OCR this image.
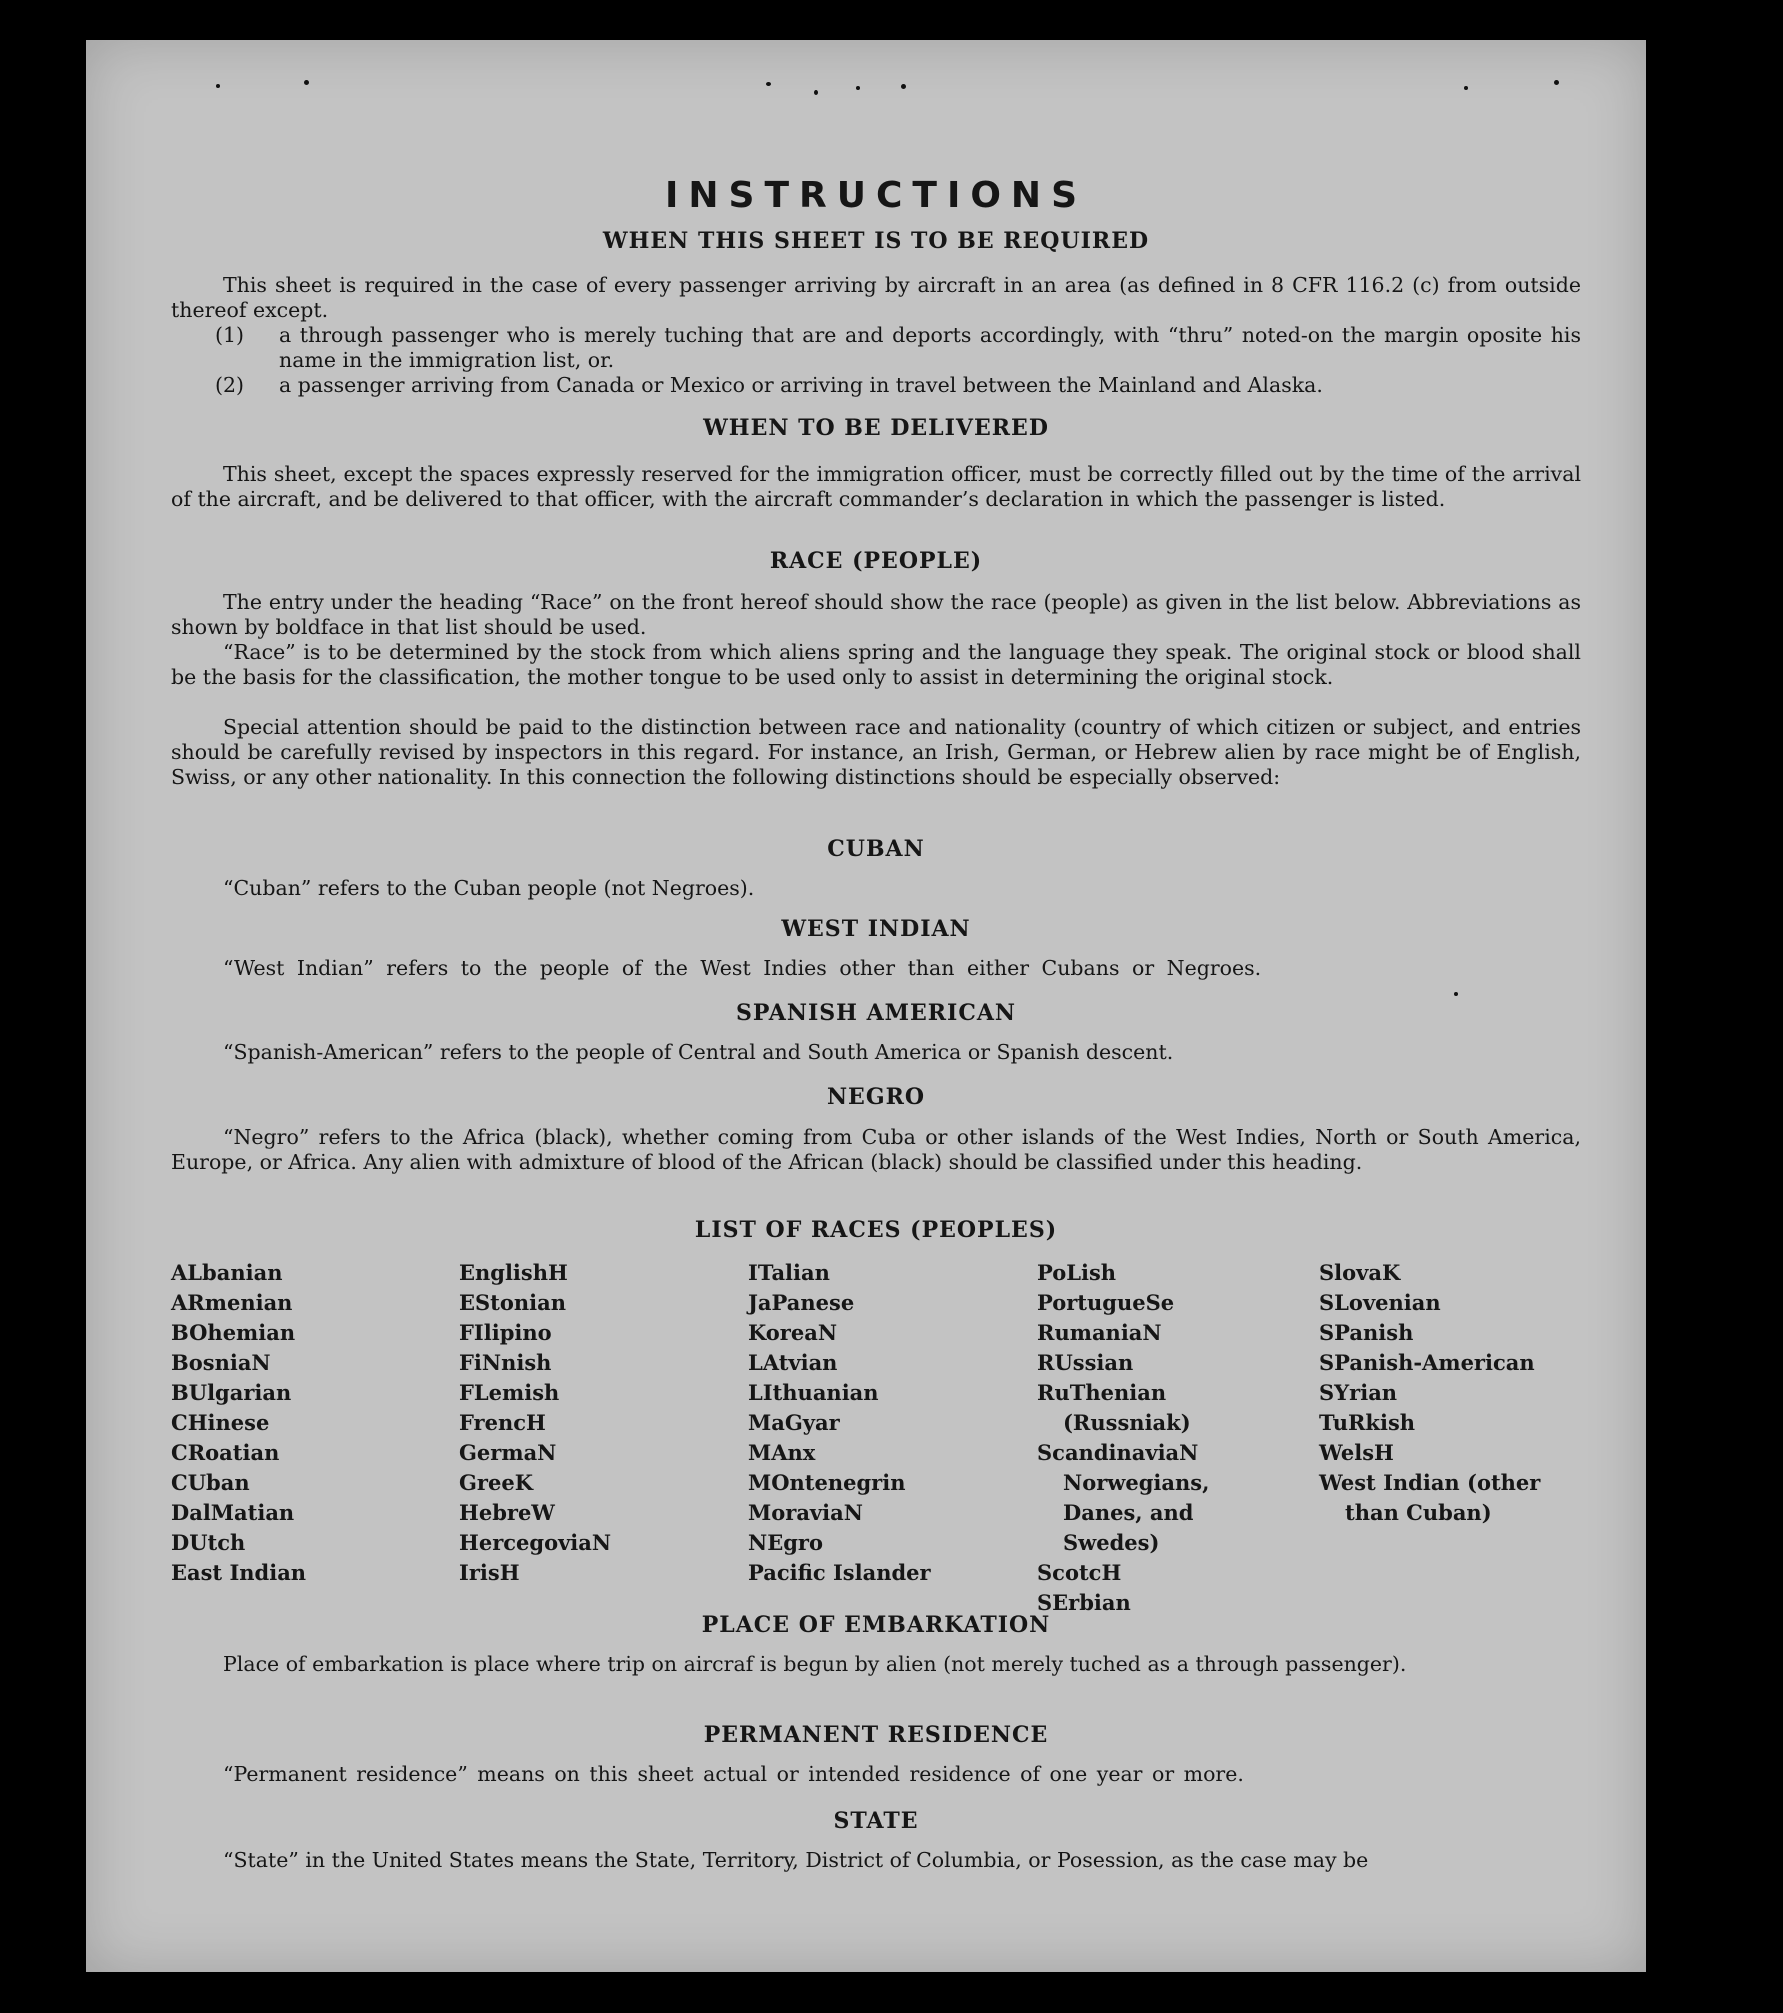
INSTRUCTIONS
WHEN THIS SHEET IS TO BE REQUIRED

This sheet is required in the case of every passenger arriving by aircraft in an area (as defined in 8 CFR 116.2 (c) from outside thereof except.

(1) a through passenger who is merely tuching that are and deports accordingly, with “thru” noted-on the margin oposite his name in the immigration list, or.
(2) a passenger arriving from Canada or Mexico or arriving in travel between the Mainland and Alaska.
WHEN TO BE DELIVERED

This sheet, except the spaces expressly reserved for the immigration officer, must be correctly filled out by the time of the arrival of the aircraft, and be delivered to that officer, with the aircraft commander’s declaration in which the passenger is listed.

RACE (PEOPLE)

The entry under the heading “Race” on the front hereof should show the race (people) as given in the list below. Abbreviations as shown by boldface in that list should be used.

“Race” is to be determined by the stock from which aliens spring and the language they speak. The original stock or blood shall be the basis for the classification, the mother tongue to be used only to assist in determining the original stock.

Special attention should be paid to the distinction between race and nationality (country of which citizen or subject, and entries should be carefully revised by inspectors in this regard. For instance, an Irish, German, or Hebrew alien by race might be of English, Swiss, or any other nationality. In this connection the following distinctions should be especially observed:

CUBAN

“Cuban” refers to the Cuban people (not Negroes).

WEST INDIAN

“West Indian” refers to the people of the West Indies other than either Cubans or Negroes.

SPANISH AMERICAN

“Spanish-American” refers to the people of Central and South America or Spanish descent.

NEGRO

“Negro” refers to the Africa (black), whether coming from Cuba or other islands of the West Indies, North or South America, Europe, or Africa. Any alien with admixture of blood of the African (black) should be classified under this heading.

LIST OF RACES (PEOPLES)
ALbanian
ARmenian
BOhemian
BosniaN
BUlgarian
CHinese
CRoatian
CUban
DalMatian
DUtch
East Indian
EnglishH
EStonian
FIlipino
FiNnish
FLemish
FrencH
GermaN
GreeK
HebreW
HercegoviaN
IrisH
ITalian
JaPanese
KoreaN
LAtvian
LIthuanian
MaGyar
MAnx
MOntenegrin
MoraviaN
NEgro
Pacific Islander
PoLish
PortugueSe
RumaniaN
RUssian
RuThenian (Russniak)
ScandinaviaN Norwegians, Danes, and Swedes)
ScotcH
SErbian
SlovaK
SLovenian
SPanish
SPanish-American
SYrian
TuRkish
WelsH
West Indian (other than Cuban)
PLACE OF EMBARKATION

Place of embarkation is place where trip on aircraf is begun by alien (not merely tuched as a through passenger).

PERMANENT RESIDENCE

“Permanent residence” means on this sheet actual or intended residence of one year or more.

STATE

“State” in the United States means the State, Territory, District of Columbia, or Posession, as the case may be
